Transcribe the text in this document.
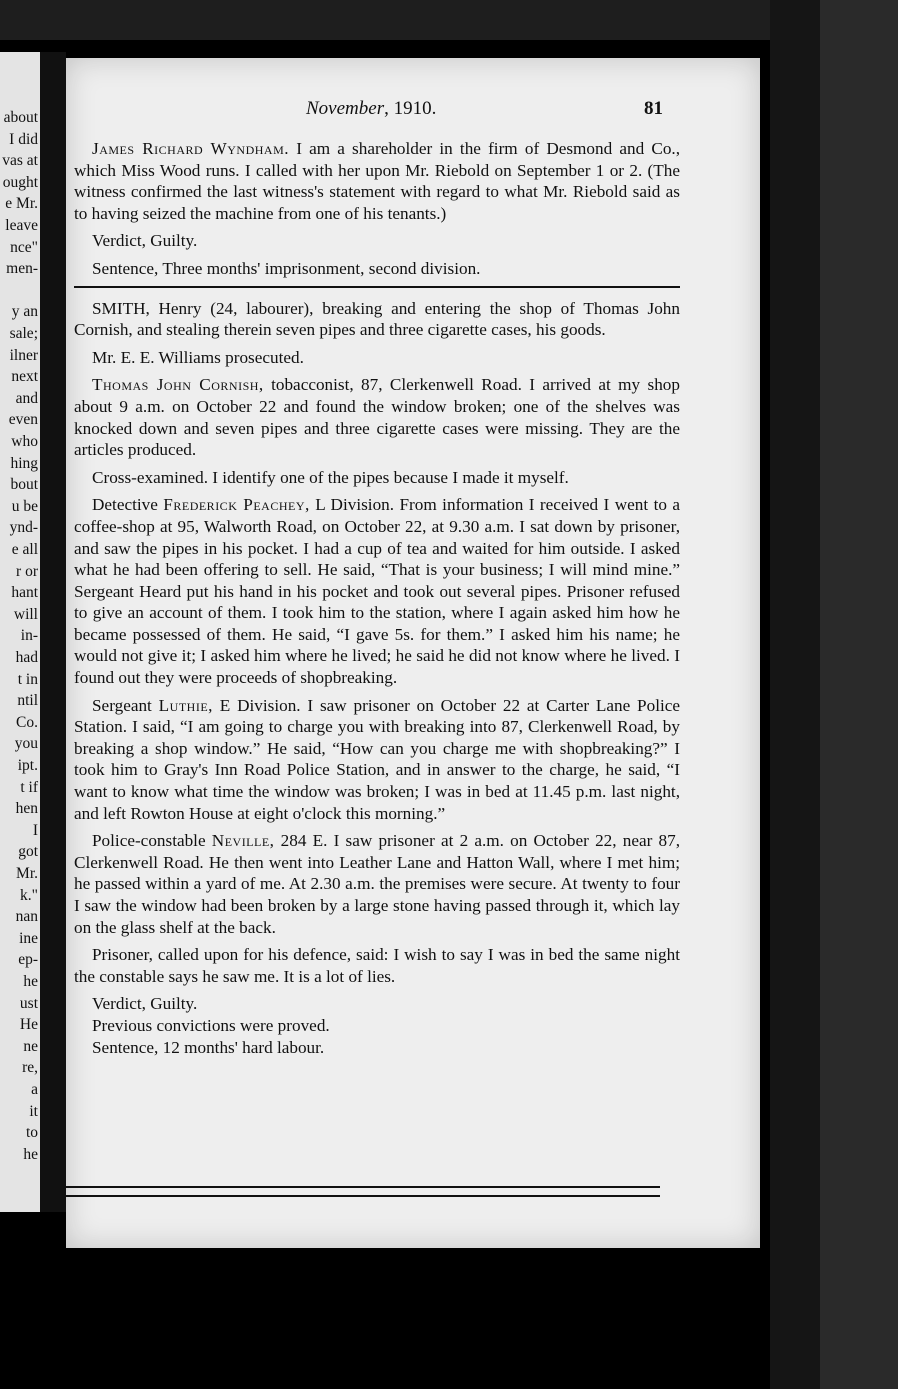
about
I did
vas at
ought
e Mr.
leave
nce"
men-
y an
sale;
ilner
next
and
even
who
hing
bout
u be
ynd-
e all
r or
hant
will
in-
had
t in
ntil
Co.
you
ipt.
t if
hen
I
got
Mr.
k."
nan
ine
ep-
he
ust
He
ne
re,
a
it
to
he
November, 1910.	81

James Richard Wyndham. I am a shareholder in the firm of Desmond and Co., which Miss Wood runs. I called with her upon Mr. Riebold on September 1 or 2. (The witness confirmed the last witness's statement with regard to what Mr. Riebold said as to having seized the machine from one of his tenants.)

Verdict, Guilty.

Sentence, Three months' imprisonment, second division.

SMITH, Henry (24, labourer), breaking and entering the shop of Thomas John Cornish, and stealing therein seven pipes and three cigarette cases, his goods.

Mr. E. E. Williams prosecuted.

Thomas John Cornish, tobacconist, 87, Clerkenwell Road. I arrived at my shop about 9 a.m. on October 22 and found the window broken; one of the shelves was knocked down and seven pipes and three cigarette cases were missing. They are the articles produced.

Cross-examined. I identify one of the pipes because I made it myself.

Detective Frederick Peachey, L Division. From information I received I went to a coffee-shop at 95, Walworth Road, on October 22, at 9.30 a.m. I sat down by prisoner, and saw the pipes in his pocket. I had a cup of tea and waited for him outside. I asked what he had been offering to sell. He said, “That is your business; I will mind mine.” Sergeant Heard put his hand in his pocket and took out several pipes. Prisoner refused to give an account of them. I took him to the station, where I again asked him how he became possessed of them. He said, “I gave 5s. for them.” I asked him his name; he would not give it; I asked him where he lived; he said he did not know where he lived. I found out they were proceeds of shopbreaking.

Sergeant Luthie, E Division. I saw prisoner on October 22 at Carter Lane Police Station. I said, “I am going to charge you with breaking into 87, Clerkenwell Road, by breaking a shop window.” He said, “How can you charge me with shopbreaking?” I took him to Gray's Inn Road Police Station, and in answer to the charge, he said, “I want to know what time the window was broken; I was in bed at 11.45 p.m. last night, and left Rowton House at eight o'clock this morning.”

Police-constable Neville, 284 E. I saw prisoner at 2 a.m. on October 22, near 87, Clerkenwell Road. He then went into Leather Lane and Hatton Wall, where I met him; he passed within a yard of me. At 2.30 a.m. the premises were secure. At twenty to four I saw the window had been broken by a large stone having passed through it, which lay on the glass shelf at the back.

Prisoner, called upon for his defence, said: I wish to say I was in bed the same night the constable says he saw me. It is a lot of lies.

Verdict, Guilty.

Previous convictions were proved.

Sentence, 12 months' hard labour.
